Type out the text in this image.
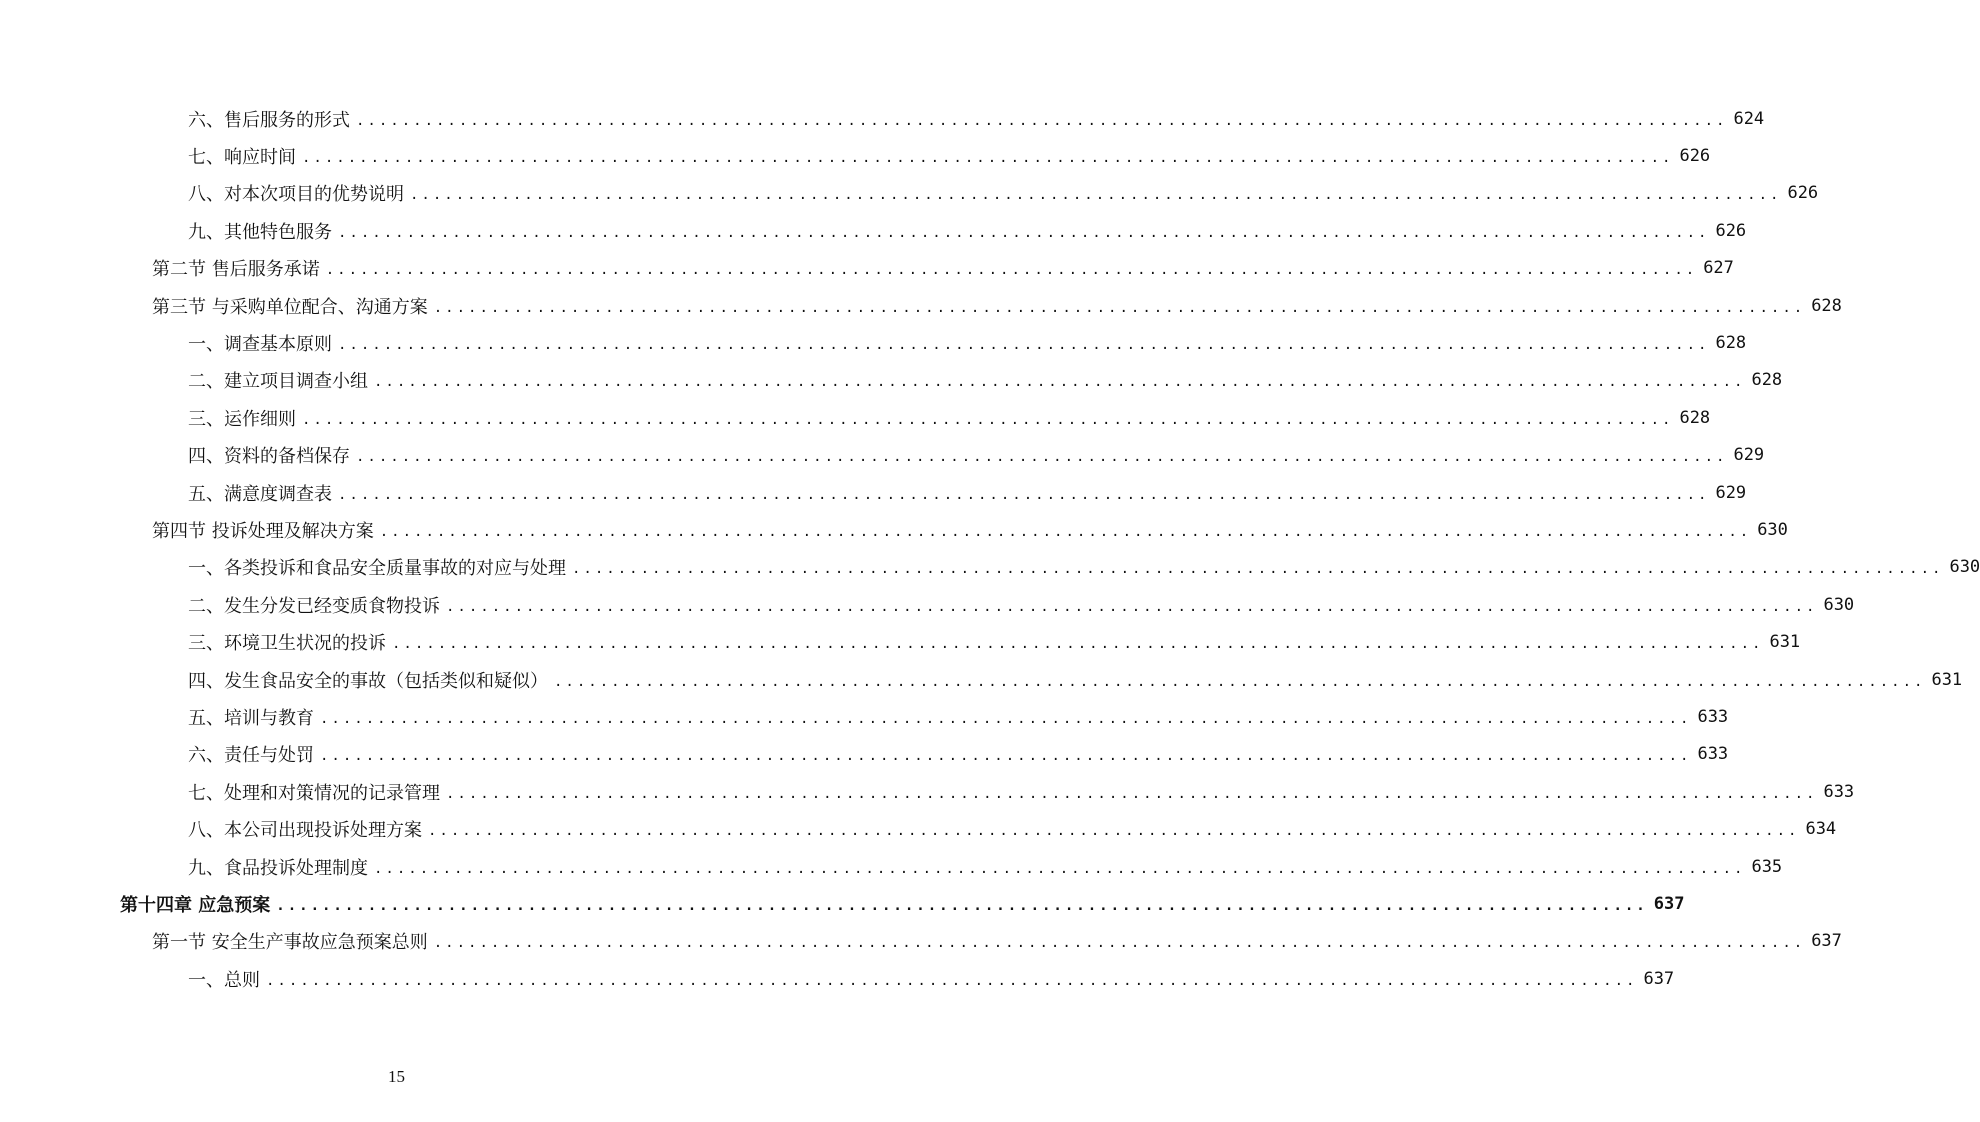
六、售后服务的形式 ........................................................................................................................ 624
七、响应时间 ........................................................................................................................ 626
八、对本次项目的优势说明 ........................................................................................................................ 626
九、其他特色服务 ........................................................................................................................ 626
第二节 售后服务承诺 ........................................................................................................................ 627
第三节 与采购单位配合、沟通方案 ........................................................................................................................ 628
一、调查基本原则 ........................................................................................................................ 628
二、建立项目调查小组 ........................................................................................................................ 628
三、运作细则 ........................................................................................................................ 628
四、资料的备档保存 ........................................................................................................................ 629
五、满意度调查表 ........................................................................................................................ 629
第四节 投诉处理及解决方案 ........................................................................................................................ 630
一、各类投诉和食品安全质量事故的对应与处理 ........................................................................................................................ 630
二、发生分发已经变质食物投诉 ........................................................................................................................ 630
三、环境卫生状况的投诉 ........................................................................................................................ 631
四、发生食品安全的事故（包括类似和疑似） ........................................................................................................................ 631
五、培训与教育 ........................................................................................................................ 633
六、责任与处罚 ........................................................................................................................ 633
七、处理和对策情况的记录管理 ........................................................................................................................ 633
八、本公司出现投诉处理方案 ........................................................................................................................ 634
九、食品投诉处理制度 ........................................................................................................................ 635
第十四章 应急预案 ........................................................................................................................ 637
第一节 安全生产事故应急预案总则 ........................................................................................................................ 637
一、总则 ........................................................................................................................ 637
15
